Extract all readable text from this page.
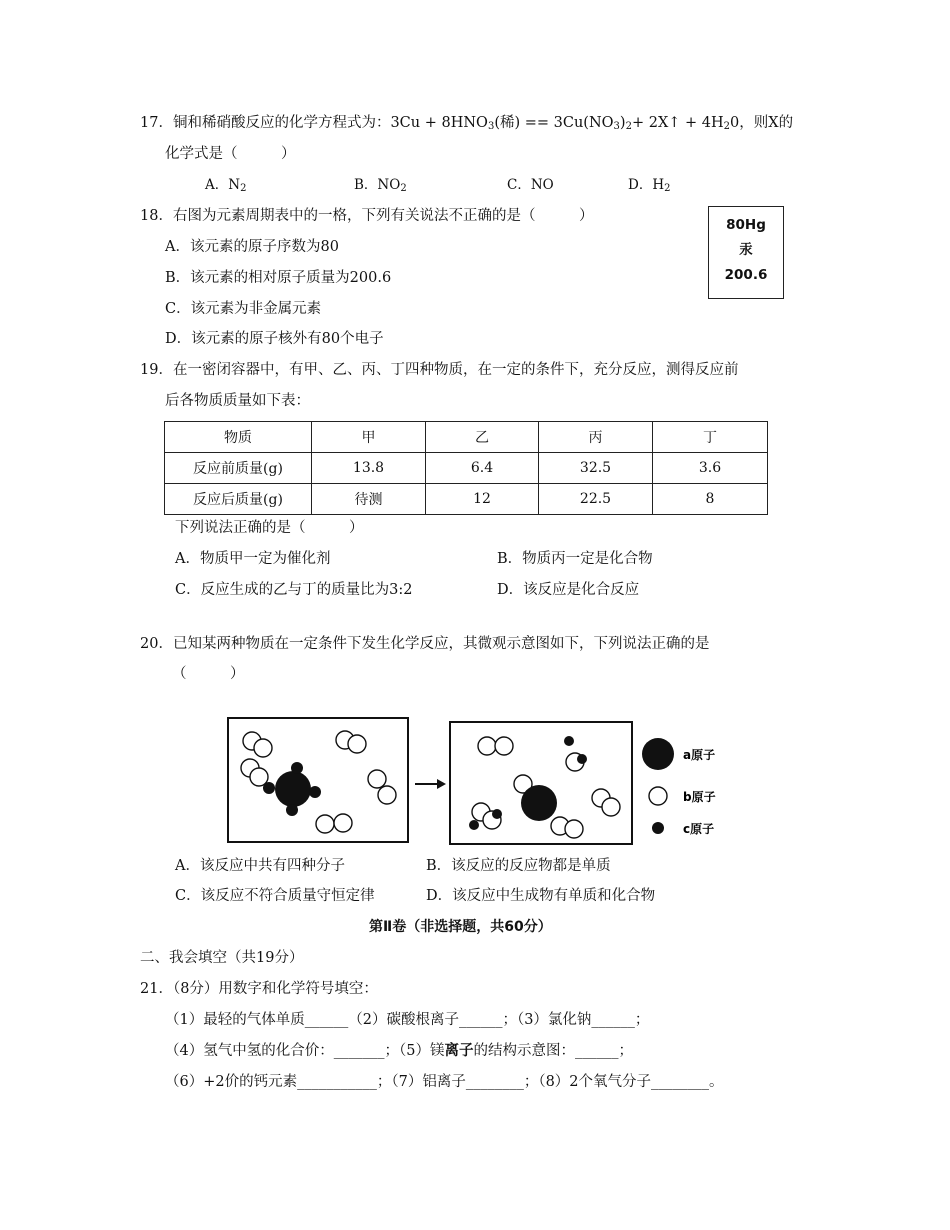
17．铜和稀硝酸反应的化学方程式为：$3Cu + 8HNO_3$(稀) == $3Cu(NO_3)_2+$ 2X↑ + $4H_20$，则X的
化学式是（　　　）
A．$N_2$	B．$NO_2$	C．NO	D．$H_2$
18．右图为元素周期表中的一格，下列有关说法不正确的是（　　　）
A．该元素的原子序数为80
B．该元素的相对原子质量为200.6
C．该元素为非金属元素
D．该元素的原子核外有80个电子
80Hg
汞
200.6
19．在一密闭容器中，有甲、乙、丙、丁四种物质，在一定的条件下，充分反应，测得反应前
后各物质质量如下表：
物质	甲	乙	丙	丁
反应前质量(g)	13.8	6.4	32.5	3.6
反应后质量(g)	待测	12	22.5	8
下列说法正确的是（　　　）
A．物质甲一定为催化剂	B．物质丙一定是化合物
C．反应生成的乙与丁的质量比为3:2	D．该反应是化合反应
20．已知某两种物质在一定条件下发生化学反应，其微观示意图如下，下列说法正确的是
（　　　）
a原子
b原子
c原子
A．该反应中共有四种分子	B．该反应的反应物都是单质
C．该反应不符合质量守恒定律	D．该反应中生成物有单质和化合物
第Ⅱ卷（非选择题，共60分）
二、我会填空（共19分）
21．（8分）用数字和化学符号填空：
（1）最轻的气体单质______（2）碳酸根离子______；（3）氯化钠______；
（4）氢气中氢的化合价：_______；（5）镁离子的结构示意图：______；
（6）+2价的钙元素___________；（7）铝离子________；（8）2个氧气分子________。
